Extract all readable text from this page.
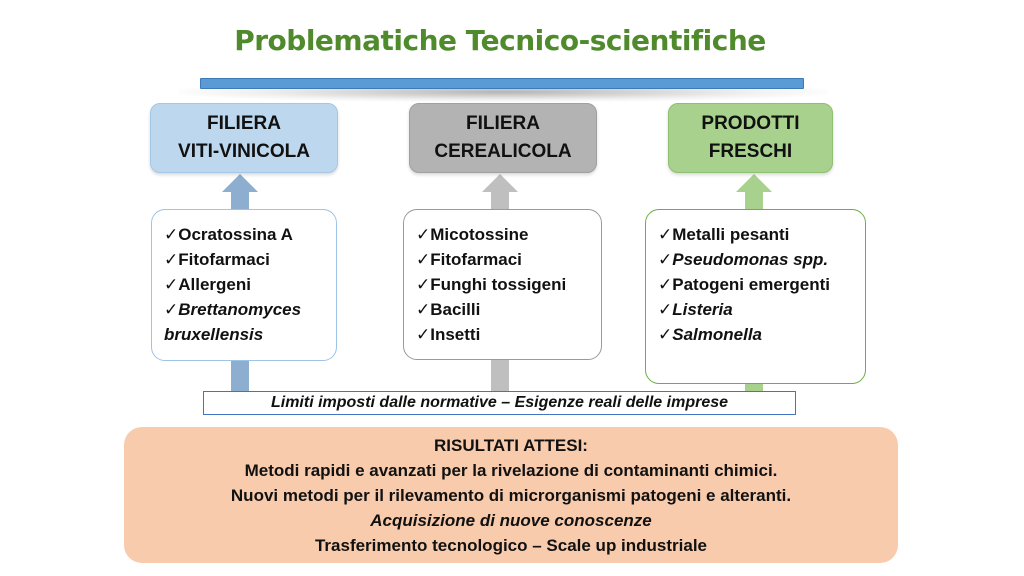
Problematiche Tecnico-scientifiche
FILIERA
VITI-VINICOLA
FILIERA
CEREALICOLA
PRODOTTI
FRESCHI
✓Ocratossina A
✓Fitofarmaci
✓Allergeni
✓Brettanomyces bruxellensis
✓Micotossine
✓Fitofarmaci
✓Funghi tossigeni
✓Bacilli
✓Insetti
✓Metalli pesanti
✓Pseudomonas spp.
✓Patogeni emergenti
✓Listeria
✓Salmonella
Limiti imposti dalle normative – Esigenze reali delle imprese
RISULTATI ATTESI:
Metodi rapidi e avanzati per la rivelazione di contaminanti chimici.
Nuovi metodi per il rilevamento di microrganismi patogeni e alteranti.
Acquisizione di nuove conoscenze
Trasferimento tecnologico – Scale up industriale
